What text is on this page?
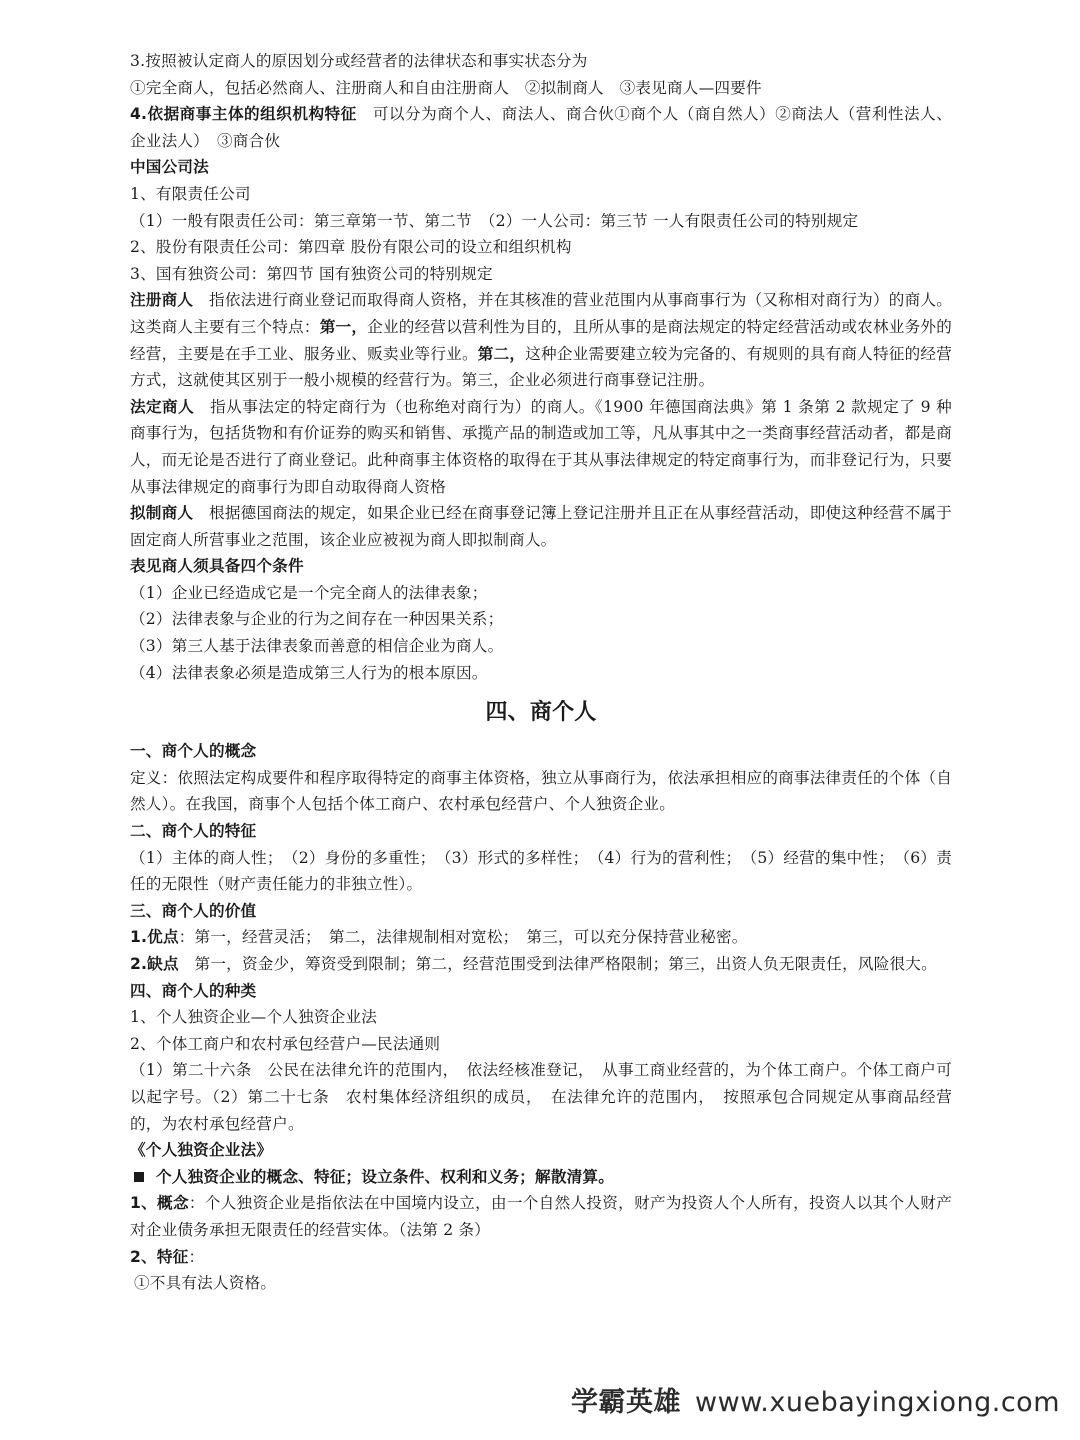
3.按照被认定商人的原因划分或经营者的法律状态和事实状态分为

①完全商人，包括必然商人、注册商人和自由注册商人　②拟制商人　③表见商人—四要件

4.依据商事主体的组织机构特征　可以分为商个人、商法人、商合伙①商个人（商自然人）②商法人（营利性法人、企业法人）　③商合伙

中国公司法

1、有限责任公司

（1）一般有限责任公司：第三章第一节、第二节　（2）一人公司：第三节 一人有限责任公司的特别规定

2、股份有限责任公司：第四章 股份有限公司的设立和组织机构

3、国有独资公司：第四节 国有独资公司的特别规定

注册商人　指依法进行商业登记而取得商人资格，并在其核准的营业范围内从事商事行为（又称相对商行为）的商人。这类商人主要有三个特点：第一，企业的经营以营利性为目的，且所从事的是商法规定的特定经营活动或农林业务外的经营，主要是在手工业、服务业、贩卖业等行业。第二，这种企业需要建立较为完备的、有规则的具有商人特征的经营方式，这就使其区别于一般小规模的经营行为。第三，企业必须进行商事登记注册。

法定商人　指从事法定的特定商行为（也称绝对商行为）的商人。《1900 年德国商法典》第 1 条第 2 款规定了 9 种商事行为，包括货物和有价证券的购买和销售、承揽产品的制造或加工等，凡从事其中之一类商事经营活动者，都是商人，而无论是否进行了商业登记。此种商事主体资格的取得在于其从事法律规定的特定商事行为，而非登记行为，只要从事法律规定的商事行为即自动取得商人资格

拟制商人　根据德国商法的规定，如果企业已经在商事登记簿上登记注册并且正在从事经营活动，即使这种经营不属于固定商人所营事业之范围，该企业应被视为商人即拟制商人。

表见商人须具备四个条件

（1）企业已经造成它是一个完全商人的法律表象；

（2）法律表象与企业的行为之间存在一种因果关系；

（3）第三人基于法律表象而善意的相信企业为商人。

（4）法律表象必须是造成第三人行为的根本原因。

四、商个人

一、商个人的概念

定义：依照法定构成要件和程序取得特定的商事主体资格，独立从事商行为，依法承担相应的商事法律责任的个体（自然人）。在我国，商事个人包括个体工商户、农村承包经营户、个人独资企业。

二、商个人的特征

（1）主体的商人性；　（2）身份的多重性；　（3）形式的多样性；　（4）行为的营利性；　（5）经营的集中性；　（6）责任的无限性（财产责任能力的非独立性）。

三、商个人的价值

1.优点：第一，经营灵活；　第二，法律规制相对宽松；　第三，可以充分保持营业秘密。

2.缺点　第一，资金少，筹资受到限制；第二，经营范围受到法律严格限制；第三，出资人负无限责任，风险很大。

四、商个人的种类

1、个人独资企业—个人独资企业法

2、个体工商户和农村承包经营户—民法通则

（1）第二十六条　公民在法律允许的范围内，　依法经核准登记，　从事工商业经营的，为个体工商户。个体工商户可以起字号。（2）第二十七条　农村集体经济组织的成员，　在法律允许的范围内，　按照承包合同规定从事商品经营的，为农村承包经营户。

《个人独资企业法》

个人独资企业的概念、特征；设立条件、权利和义务；解散清算。

1、概念：个人独资企业是指依法在中国境内设立，由一个自然人投资，财产为投资人个人所有，投资人以其个人财产对企业债务承担无限责任的经营实体。（法第 2 条）

2、特征：

①不具有法人资格。

学霸英雄 www.xuebayingxiong.com
